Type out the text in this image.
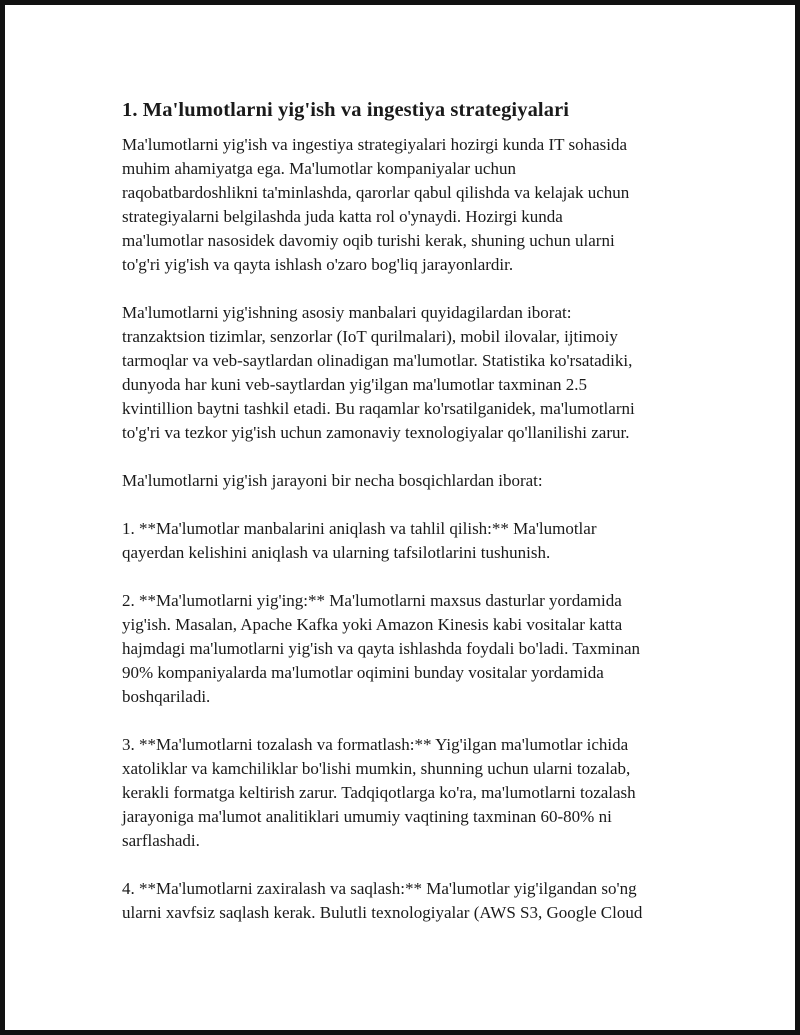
1. Ma'lumotlarni yig'ish va ingestiya strategiyalari

Ma'lumotlarni yig'ish va ingestiya strategiyalari hozirgi kunda IT sohasida
muhim ahamiyatga ega. Ma'lumotlar kompaniyalar uchun
raqobatbardoshlikni ta'minlashda, qarorlar qabul qilishda va kelajak uchun
strategiyalarni belgilashda juda katta rol o'ynaydi. Hozirgi kunda
ma'lumotlar nasosidek davomiy oqib turishi kerak, shuning uchun ularni
to'g'ri yig'ish va qayta ishlash o'zaro bog'liq jarayonlardir.

Ma'lumotlarni yig'ishning asosiy manbalari quyidagilardan iborat:
tranzaktsion tizimlar, senzorlar (IoT qurilmalari), mobil ilovalar, ijtimoiy
tarmoqlar va veb-saytlardan olinadigan ma'lumotlar. Statistika ko'rsatadiki,
dunyoda har kuni veb-saytlardan yig'ilgan ma'lumotlar taxminan 2.5
kvintillion baytni tashkil etadi. Bu raqamlar ko'rsatilganidek, ma'lumotlarni
to'g'ri va tezkor yig'ish uchun zamonaviy texnologiyalar qo'llanilishi zarur.

Ma'lumotlarni yig'ish jarayoni bir necha bosqichlardan iborat:

1. **Ma'lumotlar manbalarini aniqlash va tahlil qilish:** Ma'lumotlar
qayerdan kelishini aniqlash va ularning tafsilotlarini tushunish.

2. **Ma'lumotlarni yig'ing:** Ma'lumotlarni maxsus dasturlar yordamida
yig'ish. Masalan, Apache Kafka yoki Amazon Kinesis kabi vositalar katta
hajmdagi ma'lumotlarni yig'ish va qayta ishlashda foydali bo'ladi. Taxminan
90% kompaniyalarda ma'lumotlar oqimini bunday vositalar yordamida
boshqariladi.

3. **Ma'lumotlarni tozalash va formatlash:** Yig'ilgan ma'lumotlar ichida
xatoliklar va kamchiliklar bo'lishi mumkin, shunning uchun ularni tozalab,
kerakli formatga keltirish zarur. Tadqiqotlarga ko'ra, ma'lumotlarni tozalash
jarayoniga ma'lumot analitiklari umumiy vaqtining taxminan 60-80% ni
sarflashadi.

4. **Ma'lumotlarni zaxiralash va saqlash:** Ma'lumotlar yig'ilgandan so'ng
ularni xavfsiz saqlash kerak. Bulutli texnologiyalar (AWS S3, Google Cloud
